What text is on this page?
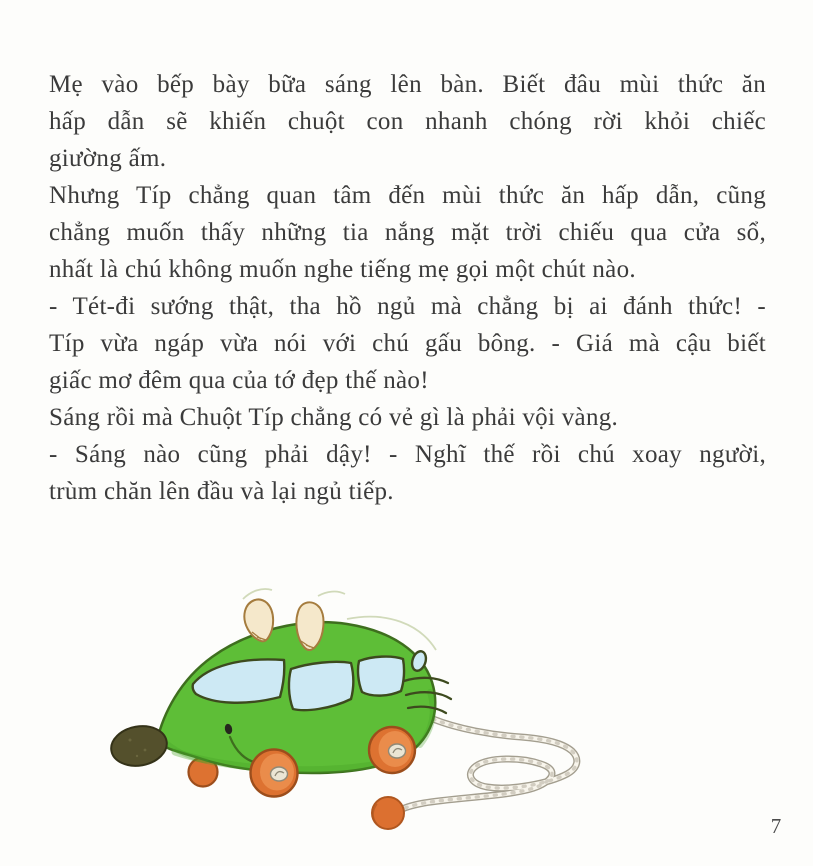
Mẹ vào bếp bày bữa sáng lên bàn. Biết đâu mùi thức ăn
hấp dẫn sẽ khiến chuột con nhanh chóng rời khỏi chiếc
giường ấm.
Nhưng Típ chẳng quan tâm đến mùi thức ăn hấp dẫn, cũng
chẳng muốn thấy những tia nắng mặt trời chiếu qua cửa sổ,
nhất là chú không muốn nghe tiếng mẹ gọi một chút nào.
- Tét-đi sướng thật, tha hồ ngủ mà chẳng bị ai đánh thức! -
Típ vừa ngáp vừa nói với chú gấu bông. - Giá mà cậu biết
giấc mơ đêm qua của tớ đẹp thế nào!
Sáng rồi mà Chuột Típ chẳng có vẻ gì là phải vội vàng.
- Sáng nào cũng phải dậy! - Nghĩ thế rồi chú xoay người,
trùm chăn lên đầu và lại ngủ tiếp.
7
